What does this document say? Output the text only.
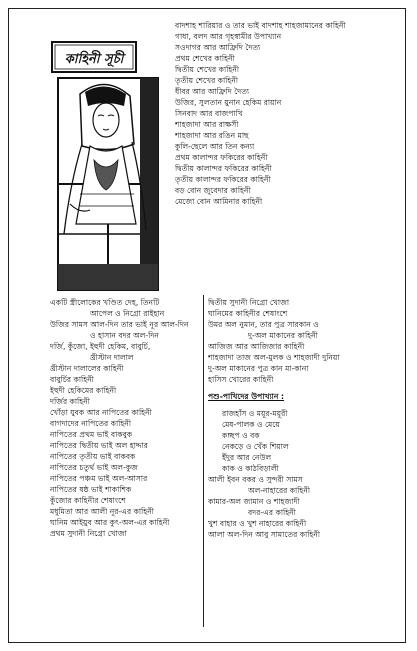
কাহিনী সূচী
বাদশাহ শারিয়ার ও তার ভাই বাদশাহ শাহজামানের কাহিনী
গাধা, বলদ আর গৃহস্বামীর উপাখ্যান
সওদাগর আর আফ্রিদি দৈত্য
প্রথম শেখের কাহিনী
দ্বিতীয় শেখের কাহিনী
তৃতীয় শেখের কাহিনী
ধীবর আর আফ্রিদি দৈত্য
উজির, সুলতান য়ুনান হেকিম রায়ান
সিনবাদ আর বাজপাখি
শাহজাদা আর রাক্ষসী
শাহজাদা আর রঙিন মাছ
কুলি-ছেলে আর তিন কন্যা
প্রথম কালান্দর ফকিরের কাহিনী
দ্বিতীয় কালান্দর ফকিরের কাহিনী
তৃতীয় কালান্দর ফকিরের কাহিনী
বড় বোন জুবেদার কাহিনী
মেজো বোন আমিনার কাহিনী
একটি স্ত্রীলোকের খণ্ডিত দেহ, তিনটি
আপেল ও নিগ্রো রাইহান
উজির সামস আল-দিন তার ভাই নূর আল-দিন
ও হাসান বদর অল-দিন
দর্জি, কুঁজো, ইহুদী হেকিম, বাবুর্চি,
খ্রীস্টান দালাল
খ্রীস্টান দালালের কাহিনী
বাবুর্চির কাহিনী
ইহুদী হেকিমের কাহিনী
দর্জির কাহিনী
খোঁড়া যুবক আর নাপিতের কাহিনী
বাগদাদের নাপিতের কাহিনী
নাপিতের প্রথম ভাই বাকবুক
নাপিতের দ্বিতীয় ভাই অল হাদ্দার
নাপিতের তৃতীয় ভাই বাকবক
নাপিতের চতুর্থ ভাই অল-কুজ
নাপিতের পঞ্চম ভাই অল-আসার
নাপিতের ষষ্ঠ ভাই শাকাশিক
কুঁজোর কাহিনীর শেষাংশে
মধুমিতা আর আলী নূর-এর কাহিনী
ঘানিম আইয়ুব আর কুৎ-অল-এর কাহিনী
প্রথম সুদানী নিগ্রো খোজা
দ্বিতীয় সুদানী নিগ্রো খোজা
ঘানিমের কাহিনীর শেষাংশে
উমর অল নুমান, তার পুত্র সারকান ও
দু-অল মাকানের কাহিনী
আজিজ আর আজিজার কাহিনী
শাহজাদা তাজ অল-মুলক ও শাহজাদী দুনিয়া
দু-অল মাকানের পুত্র কান মা-কানা
হাসিস খোরের কাহিনী
পশু-পাখিদের উপাখ্যান :
রাজহাঁস ও ময়ূর-ময়ূরী
মেষ-পালক ও মেয়ে
কচ্ছপ ও বক
নেকড়ে ও খেঁক শিয়াল
ইঁদুর আর নেউল
কাক ও কাঠবিড়ালী
আলী ইবন বকর ও সুন্দরী সামস
অল-নাহারের কাহিনী
কামার-অল জামান ও শাহজাদী
বদর-এর কাহিনী
খুশ বাহার ও খুশ নাহারের কাহিনী
আলা অল-দিন আবু সামাতের কাহিনী
